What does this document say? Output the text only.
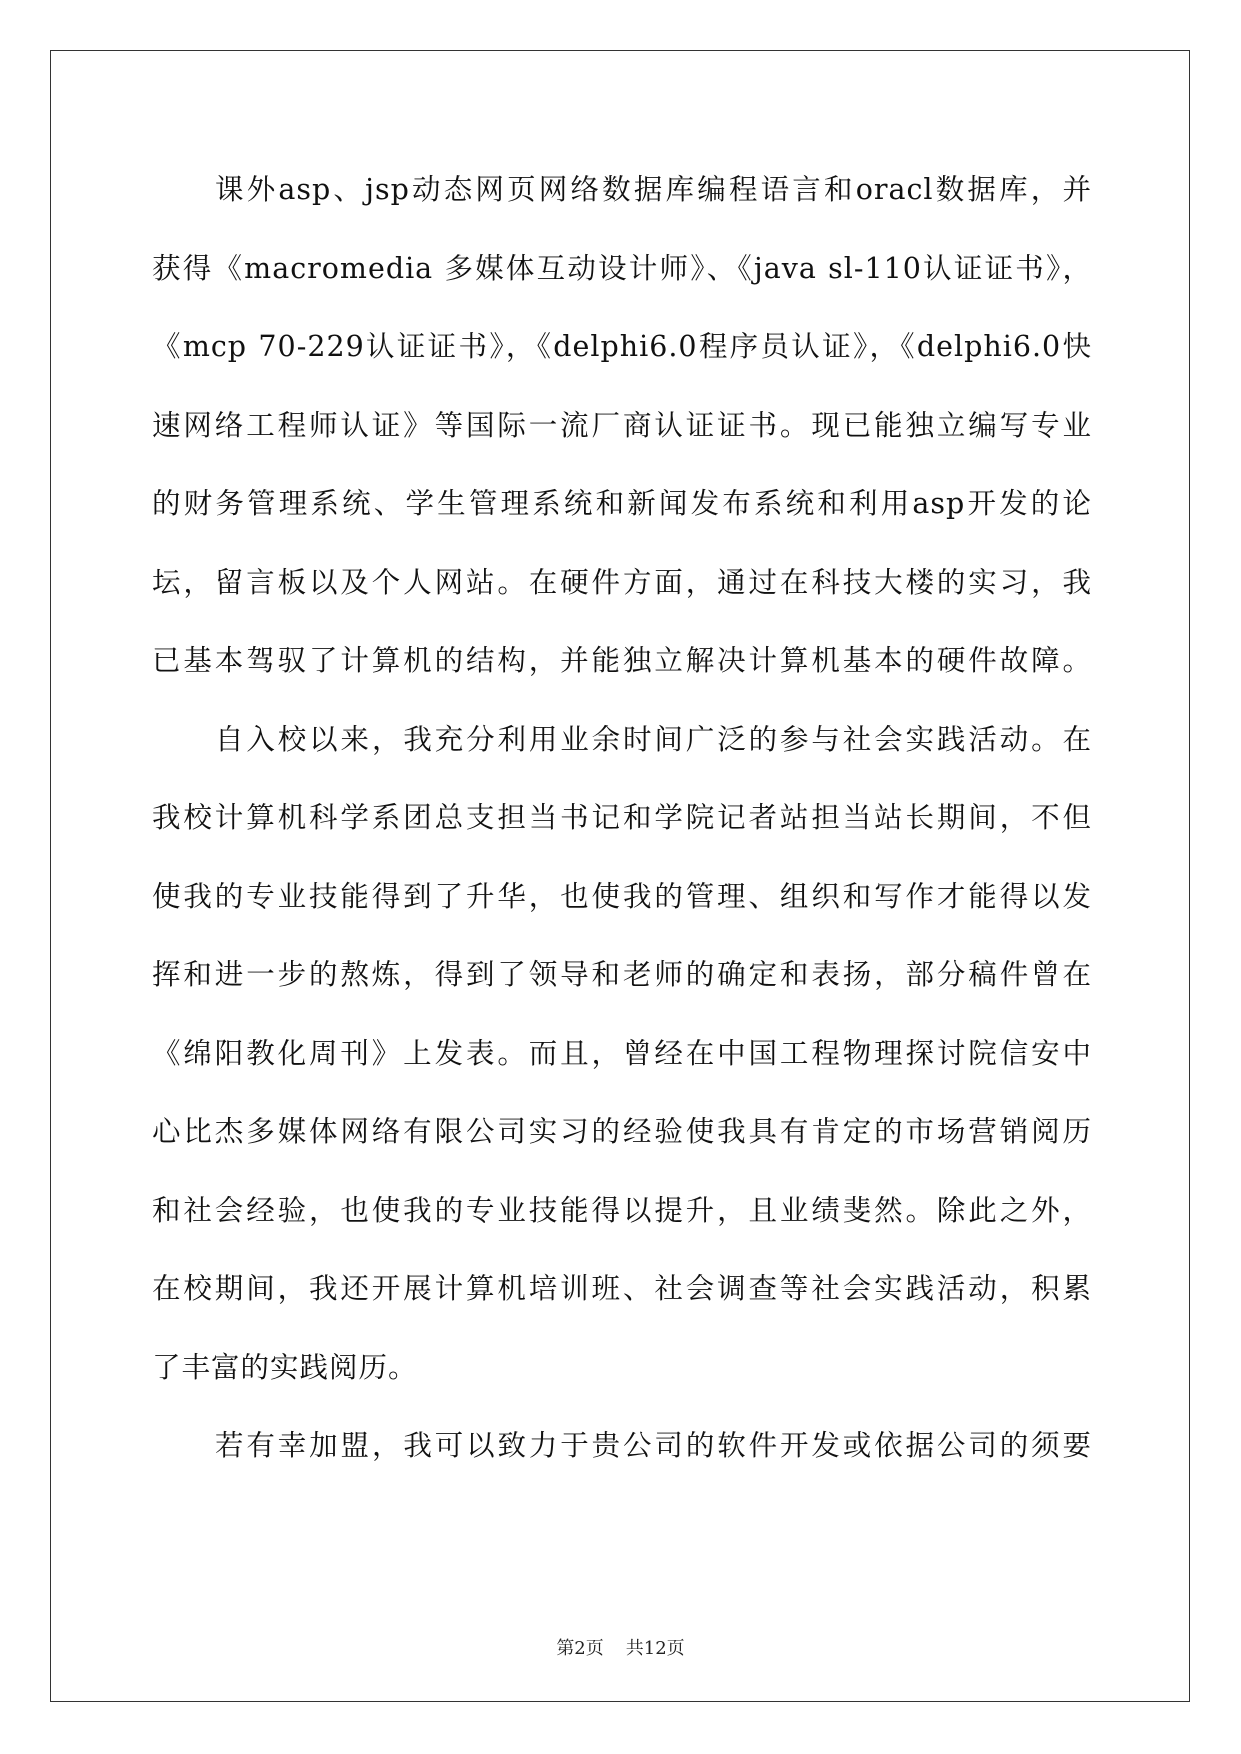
课外asp、jsp动态网页网络数据库编程语言和oracl数据库，并
获得《macromedia 多媒体互动设计师》、《java sl-110认证证书》，
《mcp 70-229认证证书》，《delphi6.0程序员认证》，《delphi6.0快
速网络工程师认证》等国际一流厂商认证证书。现已能独立编写专业
的财务管理系统、学生管理系统和新闻发布系统和利用asp开发的论
坛，留言板以及个人网站。在硬件方面，通过在科技大楼的实习，我
已基本驾驭了计算机的结构，并能独立解决计算机基本的硬件故障。
自入校以来，我充分利用业余时间广泛的参与社会实践活动。在
我校计算机科学系团总支担当书记和学院记者站担当站长期间，不但
使我的专业技能得到了升华，也使我的管理、组织和写作才能得以发
挥和进一步的熬炼，得到了领导和老师的确定和表扬，部分稿件曾在
《绵阳教化周刊》上发表。而且，曾经在中国工程物理探讨院信安中
心比杰多媒体网络有限公司实习的经验使我具有肯定的市场营销阅历
和社会经验，也使我的专业技能得以提升，且业绩斐然。除此之外，
在校期间，我还开展计算机培训班、社会调查等社会实践活动，积累
了丰富的实践阅历。
若有幸加盟，我可以致力于贵公司的软件开发或依据公司的须要
第2页 共12页
